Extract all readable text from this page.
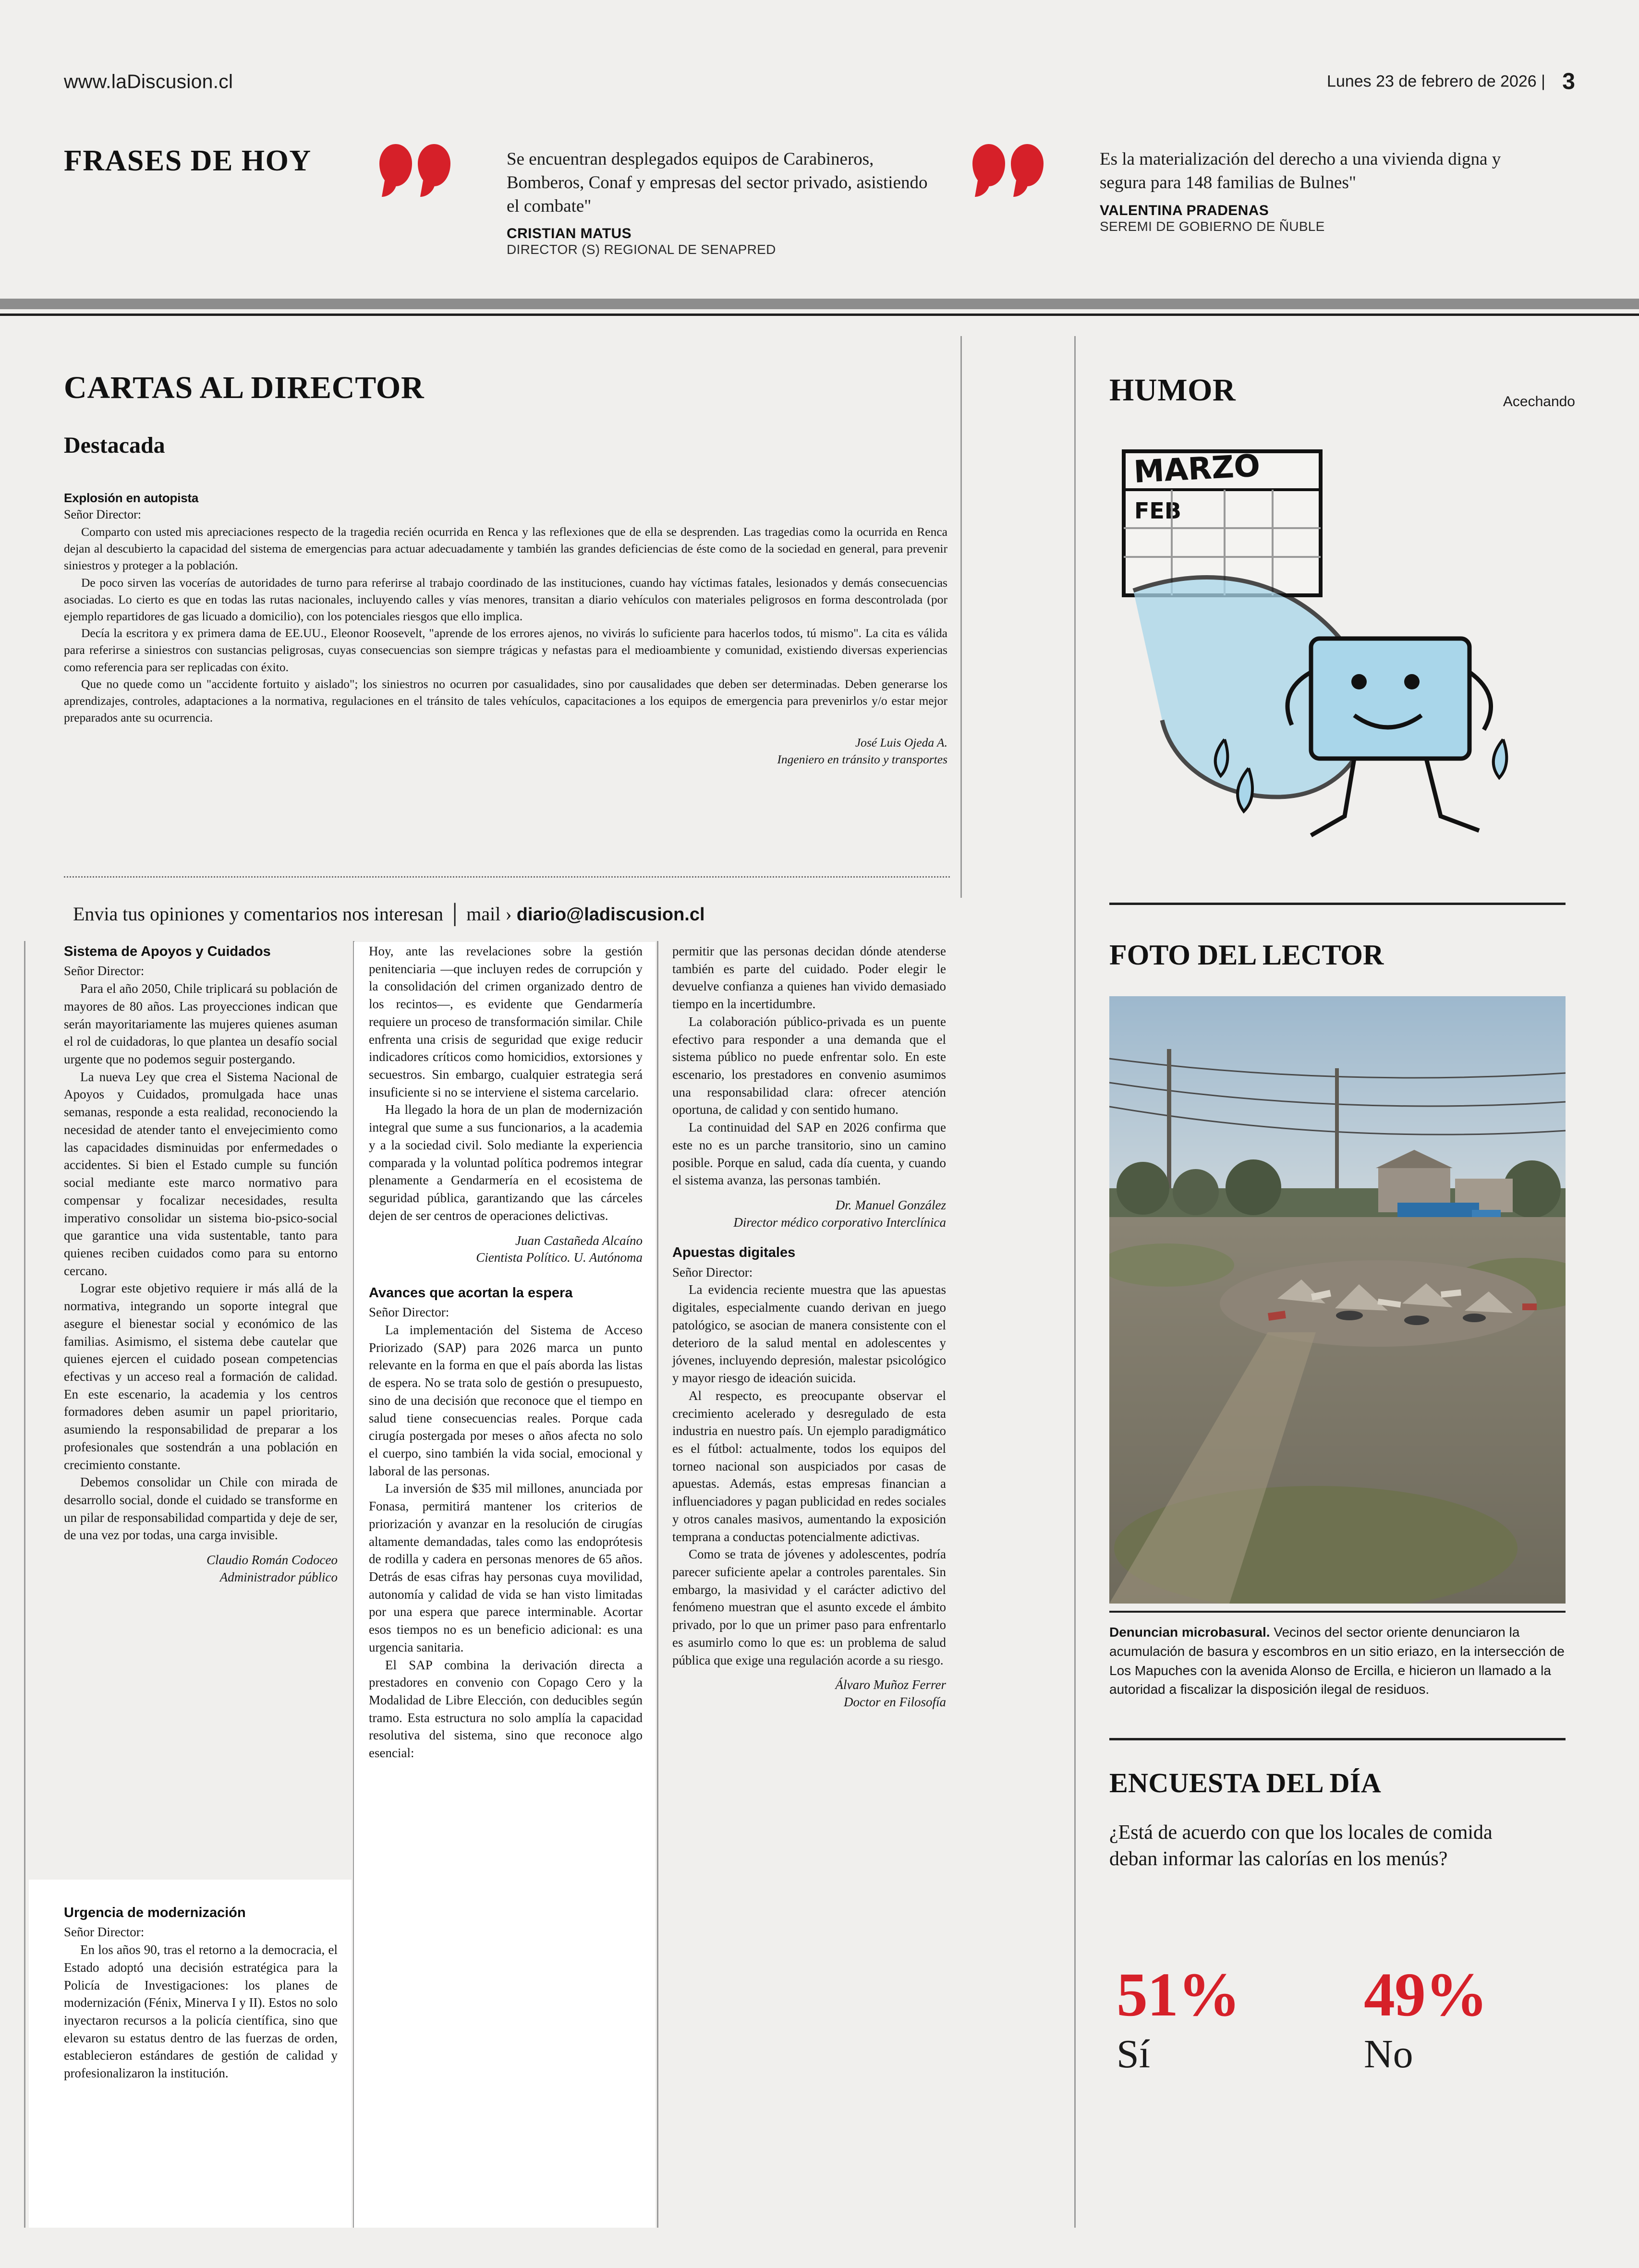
www.laDiscusion.cl	Lunes 23 de febrero de 2026 | 3
FRASES DE HOY	Se encuentran desplegados equipos de Carabineros, Bomberos, Conaf y empresas del sector privado, asistiendo el combate"
CRISTIAN MATUS
DIRECTOR (S) REGIONAL DE SENAPRED
Es la materialización del derecho a una vivienda digna y segura para 148 familias de Bulnes"
VALENTINA PRADENAS
SEREMI DE GOBIERNO DE ÑUBLE
CARTAS AL DIRECTOR
Destacada
Explosión en autopista
Señor Director:

Comparto con usted mis apreciaciones respecto de la tragedia recién ocurrida en Renca y las reflexiones que de ella se desprenden. Las tragedias como la ocurrida en Renca dejan al descubierto la capacidad del sistema de emergencias para actuar adecuadamente y también las grandes deficiencias de éste como de la sociedad en general, para prevenir siniestros y proteger a la población.

De poco sirven las vocerías de autoridades de turno para referirse al trabajo coordinado de las instituciones, cuando hay víctimas fatales, lesionados y demás consecuencias asociadas. Lo cierto es que en todas las rutas nacionales, incluyendo calles y vías menores, transitan a diario vehículos con materiales peligrosos en forma descontrolada (por ejemplo repartidores de gas licuado a domicilio), con los potenciales riesgos que ello implica.

Decía la escritora y ex primera dama de EE.UU., Eleonor Roosevelt, "aprende de los errores ajenos, no vivirás lo suficiente para hacerlos todos, tú mismo". La cita es válida para referirse a siniestros con sustancias peligrosas, cuyas consecuencias son siempre trágicas y nefastas para el medioambiente y comunidad, existiendo diversas experiencias como referencia para ser replicadas con éxito.

Que no quede como un "accidente fortuito y aislado"; los siniestros no ocurren por casualidades, sino por causalidades que deben ser determinadas. Deben generarse los aprendizajes, controles, adaptaciones a la normativa, regulaciones en el tránsito de tales vehículos, capacitaciones a los equipos de emergencia para prevenirlos y/o estar mejor preparados ante su ocurrencia.

José Luis Ojeda A.
Ingeniero en tránsito y transportes
Envia tus opiniones y comentarios nos interesan │ mail › diario@ladiscusion.cl
Sistema de Apoyos y Cuidados

Señor Director:

Para el año 2050, Chile triplicará su población de mayores de 80 años. Las proyecciones indican que serán mayoritariamente las mujeres quienes asuman el rol de cuidadoras, lo que plantea un desafío social urgente que no podemos seguir postergando.

La nueva Ley que crea el Sistema Nacional de Apoyos y Cuidados, promulgada hace unas semanas, responde a esta realidad, reconociendo la necesidad de atender tanto el envejecimiento como las capacidades disminuidas por enfermedades o accidentes. Si bien el Estado cumple su función social mediante este marco normativo para compensar y focalizar necesidades, resulta imperativo consolidar un sistema bio-psico-social que garantice una vida sustentable, tanto para quienes reciben cuidados como para su entorno cercano.

Lograr este objetivo requiere ir más allá de la normativa, integrando un soporte integral que asegure el bienestar social y económico de las familias. Asimismo, el sistema debe cautelar que quienes ejercen el cuidado posean competencias efectivas y un acceso real a formación de calidad. En este escenario, la academia y los centros formadores deben asumir un papel prioritario, asumiendo la responsabilidad de preparar a los profesionales que sostendrán a una población en crecimiento constante.

Debemos consolidar un Chile con mirada de desarrollo social, donde el cuidado se transforme en un pilar de responsabilidad compartida y deje de ser, de una vez por todas, una carga invisible.

Claudio Román Codoceo
Administrador público
Urgencia de modernización

Señor Director:

En los años 90, tras el retorno a la democracia, el Estado adoptó una decisión estratégica para la Policía de Investigaciones: los planes de modernización (Fénix, Minerva I y II). Estos no solo inyectaron recursos a la policía científica, sino que elevaron su estatus dentro de las fuerzas de orden, establecieron estándares de gestión de calidad y profesionalizaron la institución.

Hoy, ante las revelaciones sobre la gestión penitenciaria —que incluyen redes de corrupción y la consolidación del crimen organizado dentro de los recintos—, es evidente que Gendarmería requiere un proceso de transformación similar. Chile enfrenta una crisis de seguridad que exige reducir indicadores críticos como homicidios, extorsiones y secuestros. Sin embargo, cualquier estrategia será insuficiente si no se interviene el sistema carcelario.

Ha llegado la hora de un plan de modernización integral que sume a sus funcionarios, a la academia y a la sociedad civil. Solo mediante la experiencia comparada y la voluntad política podremos integrar plenamente a Gendarmería en el ecosistema de seguridad pública, garantizando que las cárceles dejen de ser centros de operaciones delictivas.

Juan Castañeda Alcaíno
Cientista Político. U. Autónoma
Avances que acortan la espera

Señor Director:

La implementación del Sistema de Acceso Priorizado (SAP) para 2026 marca un punto relevante en la forma en que el país aborda las listas de espera. No se trata solo de gestión o presupuesto, sino de una decisión que reconoce que el tiempo en salud tiene consecuencias reales. Porque cada cirugía postergada por meses o años afecta no solo el cuerpo, sino también la vida social, emocional y laboral de las personas.

La inversión de $35 mil millones, anunciada por Fonasa, permitirá mantener los criterios de priorización y avanzar en la resolución de cirugías altamente demandadas, tales como las endoprótesis de rodilla y cadera en personas menores de 65 años. Detrás de esas cifras hay personas cuya movilidad, autonomía y calidad de vida se han visto limitadas por una espera que parece interminable. Acortar esos tiempos no es un beneficio adicional: es una urgencia sanitaria.

El SAP combina la derivación directa a prestadores en convenio con Copago Cero y la Modalidad de Libre Elección, con deducibles según tramo. Esta estructura no solo amplía la capacidad resolutiva del sistema, sino que reconoce algo esencial:

permitir que las personas decidan dónde atenderse también es parte del cuidado. Poder elegir le devuelve confianza a quienes han vivido demasiado tiempo en la incertidumbre.

La colaboración público-privada es un puente efectivo para responder a una demanda que el sistema público no puede enfrentar solo. En este escenario, los prestadores en convenio asumimos una responsabilidad clara: ofrecer atención oportuna, de calidad y con sentido humano.

La continuidad del SAP en 2026 confirma que este no es un parche transitorio, sino un camino posible. Porque en salud, cada día cuenta, y cuando el sistema avanza, las personas también.

Dr. Manuel González
Director médico corporativo Interclínica
Apuestas digitales

Señor Director:

La evidencia reciente muestra que las apuestas digitales, especialmente cuando derivan en juego patológico, se asocian de manera consistente con el deterioro de la salud mental en adolescentes y jóvenes, incluyendo depresión, malestar psicológico y mayor riesgo de ideación suicida.

Al respecto, es preocupante observar el crecimiento acelerado y desregulado de esta industria en nuestro país. Un ejemplo paradigmático es el fútbol: actualmente, todos los equipos del torneo nacional son auspiciados por casas de apuestas. Además, estas empresas financian a influenciadores y pagan publicidad en redes sociales y otros canales masivos, aumentando la exposición temprana a conductas potencialmente adictivas.

Como se trata de jóvenes y adolescentes, podría parecer suficiente apelar a controles parentales. Sin embargo, la masividad y el carácter adictivo del fenómeno muestran que el asunto excede el ámbito privado, por lo que un primer paso para enfrentarlo es asumirlo como lo que es: un problema de salud pública que exige una regulación acorde a su riesgo.

Álvaro Muñoz Ferrer
Doctor en Filosofía
HUMOR	Acechando
MARZO
FEB
FOTO DEL LECTOR
Denuncian microbasural. Vecinos del sector oriente denunciaron la acumulación de basura y escombros en un sitio eriazo, en la intersección de Los Mapuches con la avenida Alonso de Ercilla, e hicieron un llamado a la autoridad a fiscalizar la disposición ilegal de residuos.
ENCUESTA DEL DÍA
¿Está de acuerdo con que los locales de comida deban informar las calorías en los menús?
51%
Sí
49%
No
